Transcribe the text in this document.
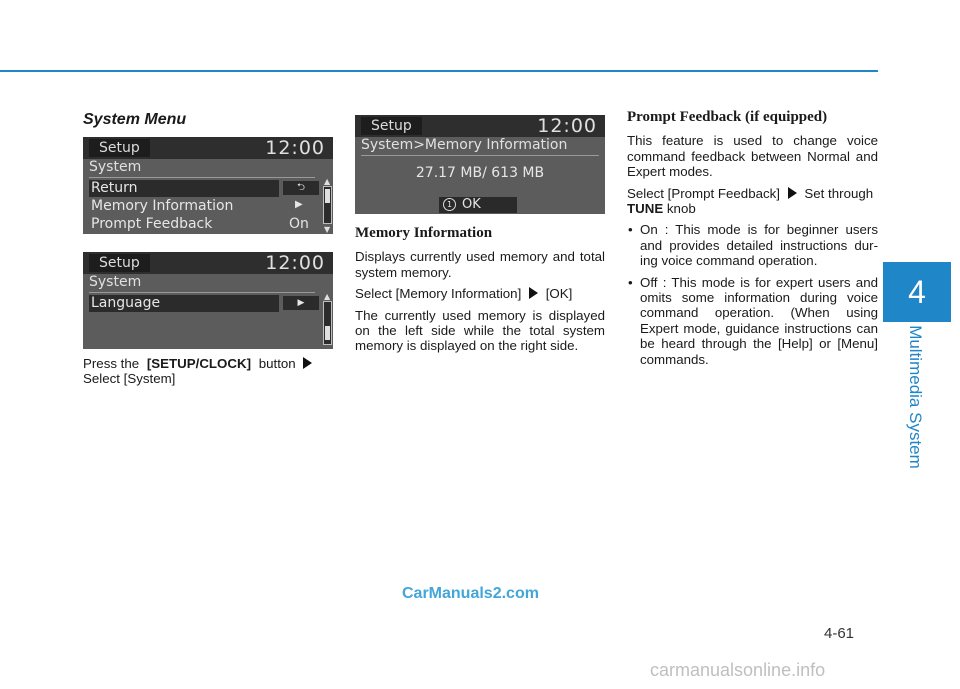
4
Multimedia System
System Menu
Setup	12:00
System
Return	⮌
Memory Information	▶
Prompt Feedback	On
▲
▼
Setup	12:00
System
Language	▶
▲

Press the [SETUP/CLOCK] button
Select [System]

Setup	12:00
System>Memory Information
27.17 MB/ 613 MB
1 OK
Memory Information

Displays currently used memory and total system memory.

Select [Memory Information] [OK]

The currently used memory is displayed on the left side while the total system memory is displayed on the right side.

Prompt Feedback (if equipped)

This feature is used to change voice command feedback between Normal and Expert modes.

Select [Prompt Feedback] Set through
TUNE knob

• On : This mode is for beginner users and provides detailed instructions dur-ing voice command operation.
• Off : This mode is for expert users and omits some information during voice command operation. (When using Expert mode, guidance instructions can be heard through the [Help] or [Menu] commands.
4-61
CarManuals2.com
carmanualsonline.info
